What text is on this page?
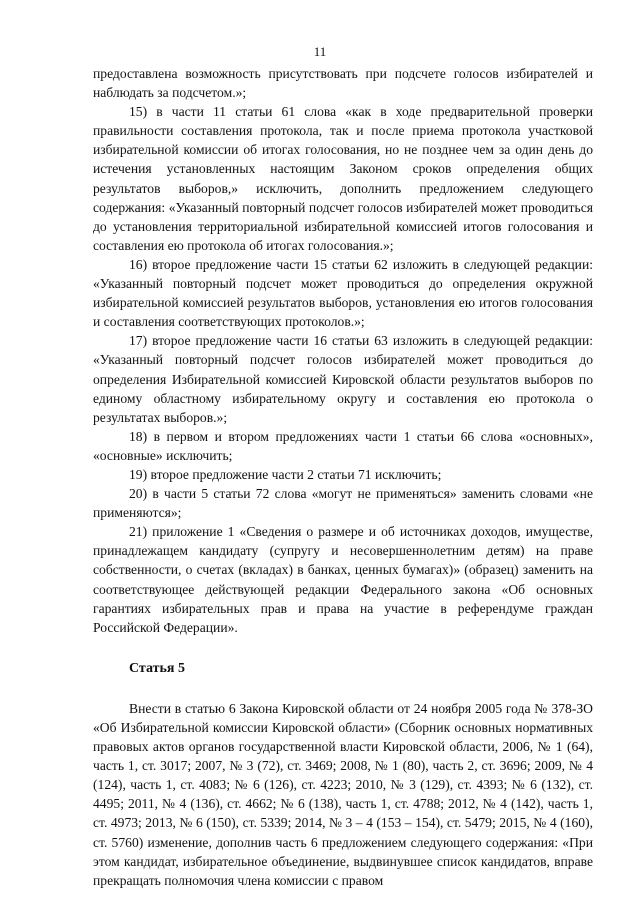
11

предоставлена возможность присутствовать при подсчете голосов избирателей и наблюдать за подсчетом.»;

15) в части 11 статьи 61 слова «как в ходе предварительной проверки правильности составления протокола, так и после приема протокола участковой избирательной комиссии об итогах голосования, но не позднее чем за один день до истечения установленных настоящим Законом сроков определения общих результатов выборов,» исключить, дополнить предложением следующего содержания: «Указанный повторный подсчет голосов избирателей может проводиться до установления территориальной избирательной комиссией итогов голосования и составления ею протокола об итогах голосования.»;

16) второе предложение части 15 статьи 62 изложить в следующей редакции: «Указанный повторный подсчет может проводиться до определения окружной избирательной комиссией результатов выборов, установления ею итогов голосования и составления соответствующих протоколов.»;

17) второе предложение части 16 статьи 63 изложить в следующей редакции: «Указанный повторный подсчет голосов избирателей может проводиться до определения Избирательной комиссией Кировской области результатов выборов по единому областному избирательному округу и составления ею протокола о результатах выборов.»;

18) в первом и втором предложениях части 1 статьи 66 слова «основных», «основные» исключить;

19) второе предложение части 2 статьи 71 исключить;

20) в части 5 статьи 72 слова «могут не применяться» заменить словами «не применяются»;

21) приложение 1 «Сведения о размере и об источниках доходов, имуществе, принадлежащем кандидату (супругу и несовершеннолетним детям) на праве собственности, о счетах (вкладах) в банках, ценных бумагах)» (образец) заменить на соответствующее действующей редакции Федерального закона «Об основных гарантиях избирательных прав и права на участие в референдуме граждан Российской Федерации».

Статья 5

Внести в статью 6 Закона Кировской области от 24 ноября 2005 года № 378-ЗО «Об Избирательной комиссии Кировской области» (Сборник основных нормативных правовых актов органов государственной власти Кировской области, 2006, № 1 (64), часть 1, ст. 3017; 2007, № 3 (72), ст. 3469; 2008, № 1 (80), часть 2, ст. 3696; 2009, № 4 (124), часть 1, ст. 4083; № 6 (126), ст. 4223; 2010, № 3 (129), ст. 4393; № 6 (132), ст. 4495; 2011, № 4 (136), ст. 4662; № 6 (138), часть 1, ст. 4788; 2012, № 4 (142), часть 1, ст. 4973; 2013, № 6 (150), ст. 5339; 2014, № 3 – 4 (153 – 154), ст. 5479; 2015, № 4 (160), ст. 5760) изменение, дополнив часть 6 предложением следующего содержания: «При этом кандидат, избирательное объединение, выдвинувшее список кандидатов, вправе прекращать полномочия члена комиссии с правом
